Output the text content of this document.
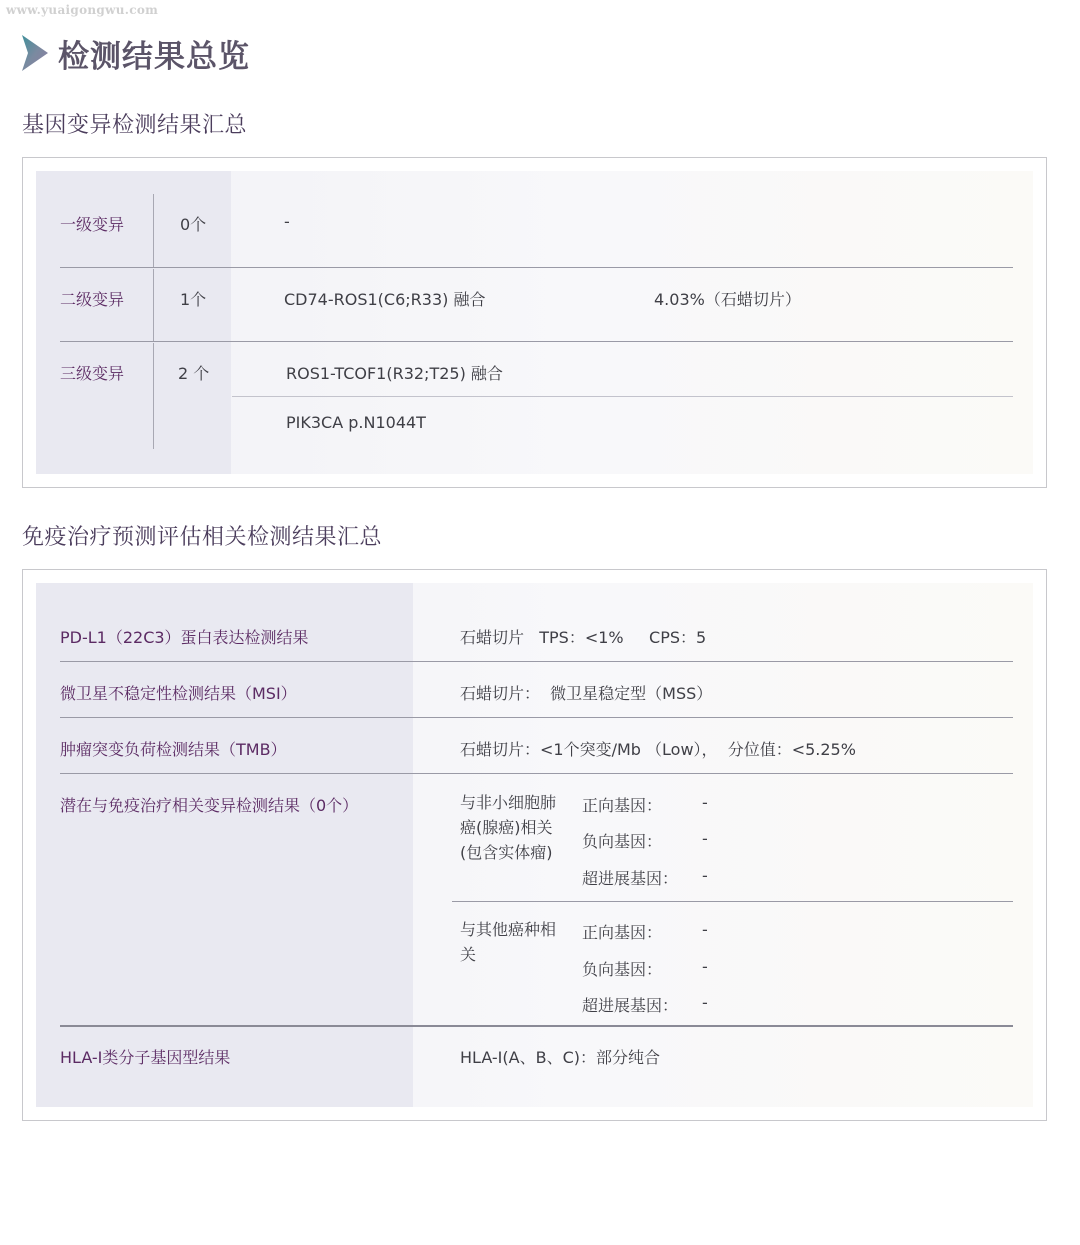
www.yuaigongwu.com
检测结果总览
基因变异检测结果汇总
一级变异	0个	-
二级变异	1个	CD74-ROS1(C6;R33) 融合	4.03%（石蜡切片）
三级变异	2 个	ROS1-TCOF1(R32;T25) 融合
PIK3CA p.N1044T
免疫治疗预测评估相关检测结果汇总
PD-L1（22C3）蛋白表达检测结果	石蜡切片   TPS：<1%     CPS：5
微卫星不稳定性检测结果（MSI）	石蜡切片：  微卫星稳定型（MSS）
肿瘤突变负荷检测结果（TMB）	石蜡切片：<1个突变/Mb （Low），  分位值：<5.25%
潜在与免疫治疗相关变异检测结果（0个）	与非小细胞肺癌(腺癌)相关(包含实体瘤)
正向基因： -
负向基因： -
超进展基因： -
与其他癌种相关
正向基因： -
负向基因： -
超进展基因： -
HLA-I类分子基因型结果	HLA-I(A、B、C)：部分纯合
